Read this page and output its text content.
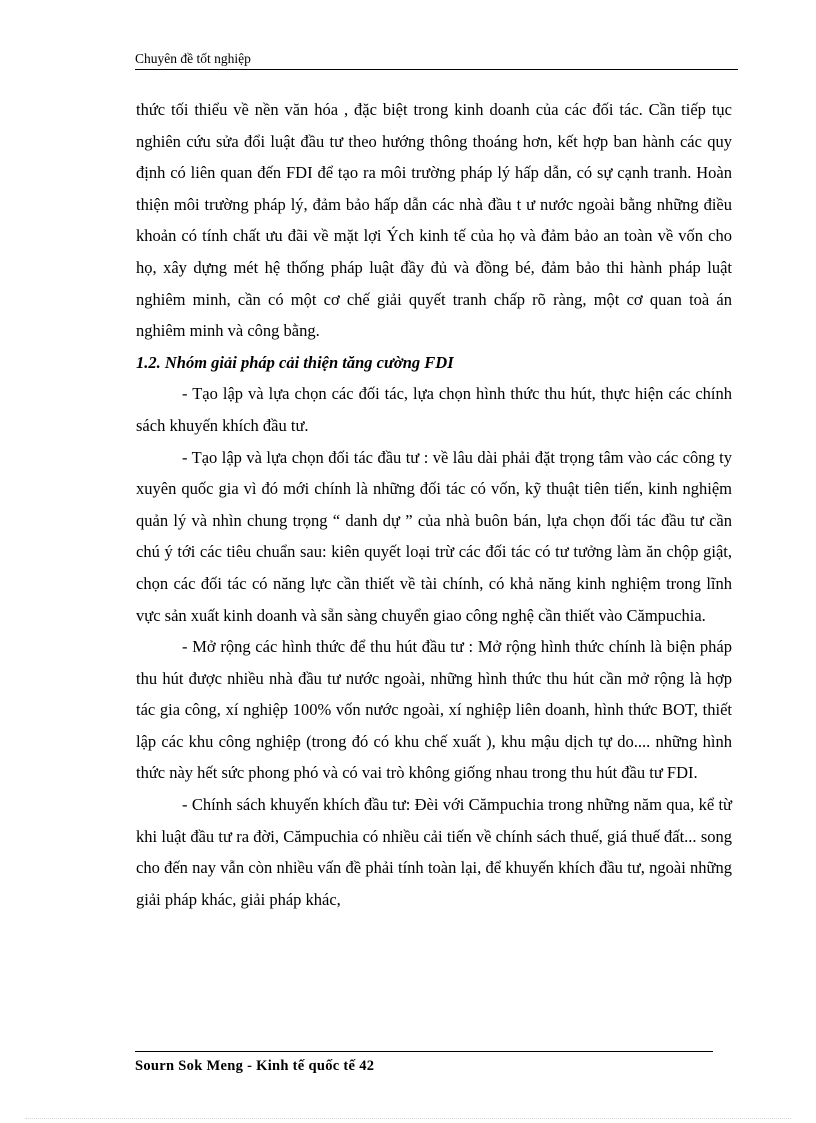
Chuyên đề tốt nghiệp

thức tối thiểu về nền văn hóa , đặc biệt trong kinh doanh của các đối tác. Cần tiếp tục nghiên cứu sửa đổi luật đầu tư theo hướng thông thoáng hơn, kết hợp ban hành các quy định có liên quan đến FDI để tạo ra môi trường pháp lý hấp dẫn, có sự cạnh tranh. Hoàn thiện môi trường pháp lý, đảm bảo hấp dẫn các nhà đầu t ư nước ngoài bằng những điều khoản có tính chất ưu đãi về mặt lợi Ých kinh tế của họ và đảm bảo an toàn về vốn cho họ, xây dựng mét hệ thống pháp luật đầy đủ và đồng bé, đảm bảo thi hành pháp luật nghiêm minh, cần có một cơ chế giải quyết tranh chấp rõ ràng, một cơ quan toà án nghiêm minh và công bằng.

1.2. Nhóm giải pháp cải thiện tăng cường FDI

- Tạo lập và lựa chọn các đối tác, lựa chọn hình thức thu hút, thực hiện các chính sách khuyến khích đầu tư.

- Tạo lập và lựa chọn đối tác đầu tư : về lâu dài phải đặt trọng tâm vào các công ty xuyên quốc gia vì đó mới chính là những đối tác có vốn, kỹ thuật tiên tiến, kinh nghiệm quản lý và nhìn chung trọng “ danh dự ” của nhà buôn bán, lựa chọn đối tác đầu tư cần chú ý tới các tiêu chuẩn sau: kiên quyết loại trừ các đối tác có tư tưởng làm ăn chộp giật, chọn các đối tác có năng lực cần thiết về tài chính, có khả năng kinh nghiệm trong lĩnh vực sản xuất kinh doanh và sẵn sàng chuyển giao công nghệ cần thiết vào Cămpuchia.

- Mở rộng các hình thức để thu hút đầu tư : Mở rộng hình thức chính là biện pháp thu hút được nhiều nhà đầu tư nước ngoài, những hình thức thu hút cần mở rộng là hợp tác gia công, xí nghiệp 100% vốn nước ngoài, xí nghiệp liên doanh, hình thức BOT, thiết lập các khu công nghiệp (trong đó có khu chế xuất ), khu mậu dịch tự do.... những hình thức này hết sức phong phó và có vai trò không giống nhau trong thu hút đầu tư FDI.

- Chính sách khuyến khích đầu tư: Đèi với Cămpuchia trong những năm qua, kể từ khi luật đầu tư ra đời, Cămpuchia có nhiều cải tiến về chính sách thuế, giá thuế đất... song cho đến nay vẫn còn nhiều vấn đề phải tính toàn lại, để khuyến khích đầu tư, ngoài những giải pháp khác, giải pháp khác,

Sourn Sok Meng - Kinh tế quốc tế 42
